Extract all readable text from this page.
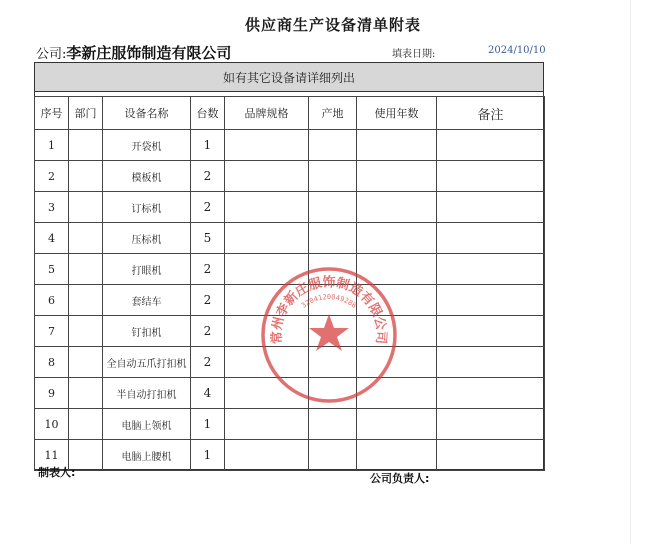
供应商生产设备清单附表
公司:李新庄服饰制造有限公司	填表日期:	2024/10/10
如有其它设备请详细列出
序号	部门	设备名称	台数	品牌规格	产地	使用年数	备注
1		开袋机	1				
2		模板机	2				
3		订标机	2				
4		压标机	5				
5		打眼机	2				
6		套结车	2				
7		钉扣机	2				
8		全自动五爪打扣机	2				
9		半自动打扣机	4				
10		电脑上领机	1				
11		电脑上腰机	1				
常州李新庄服饰制造有限公司
3204120049288
制表人:	公司负责人:
